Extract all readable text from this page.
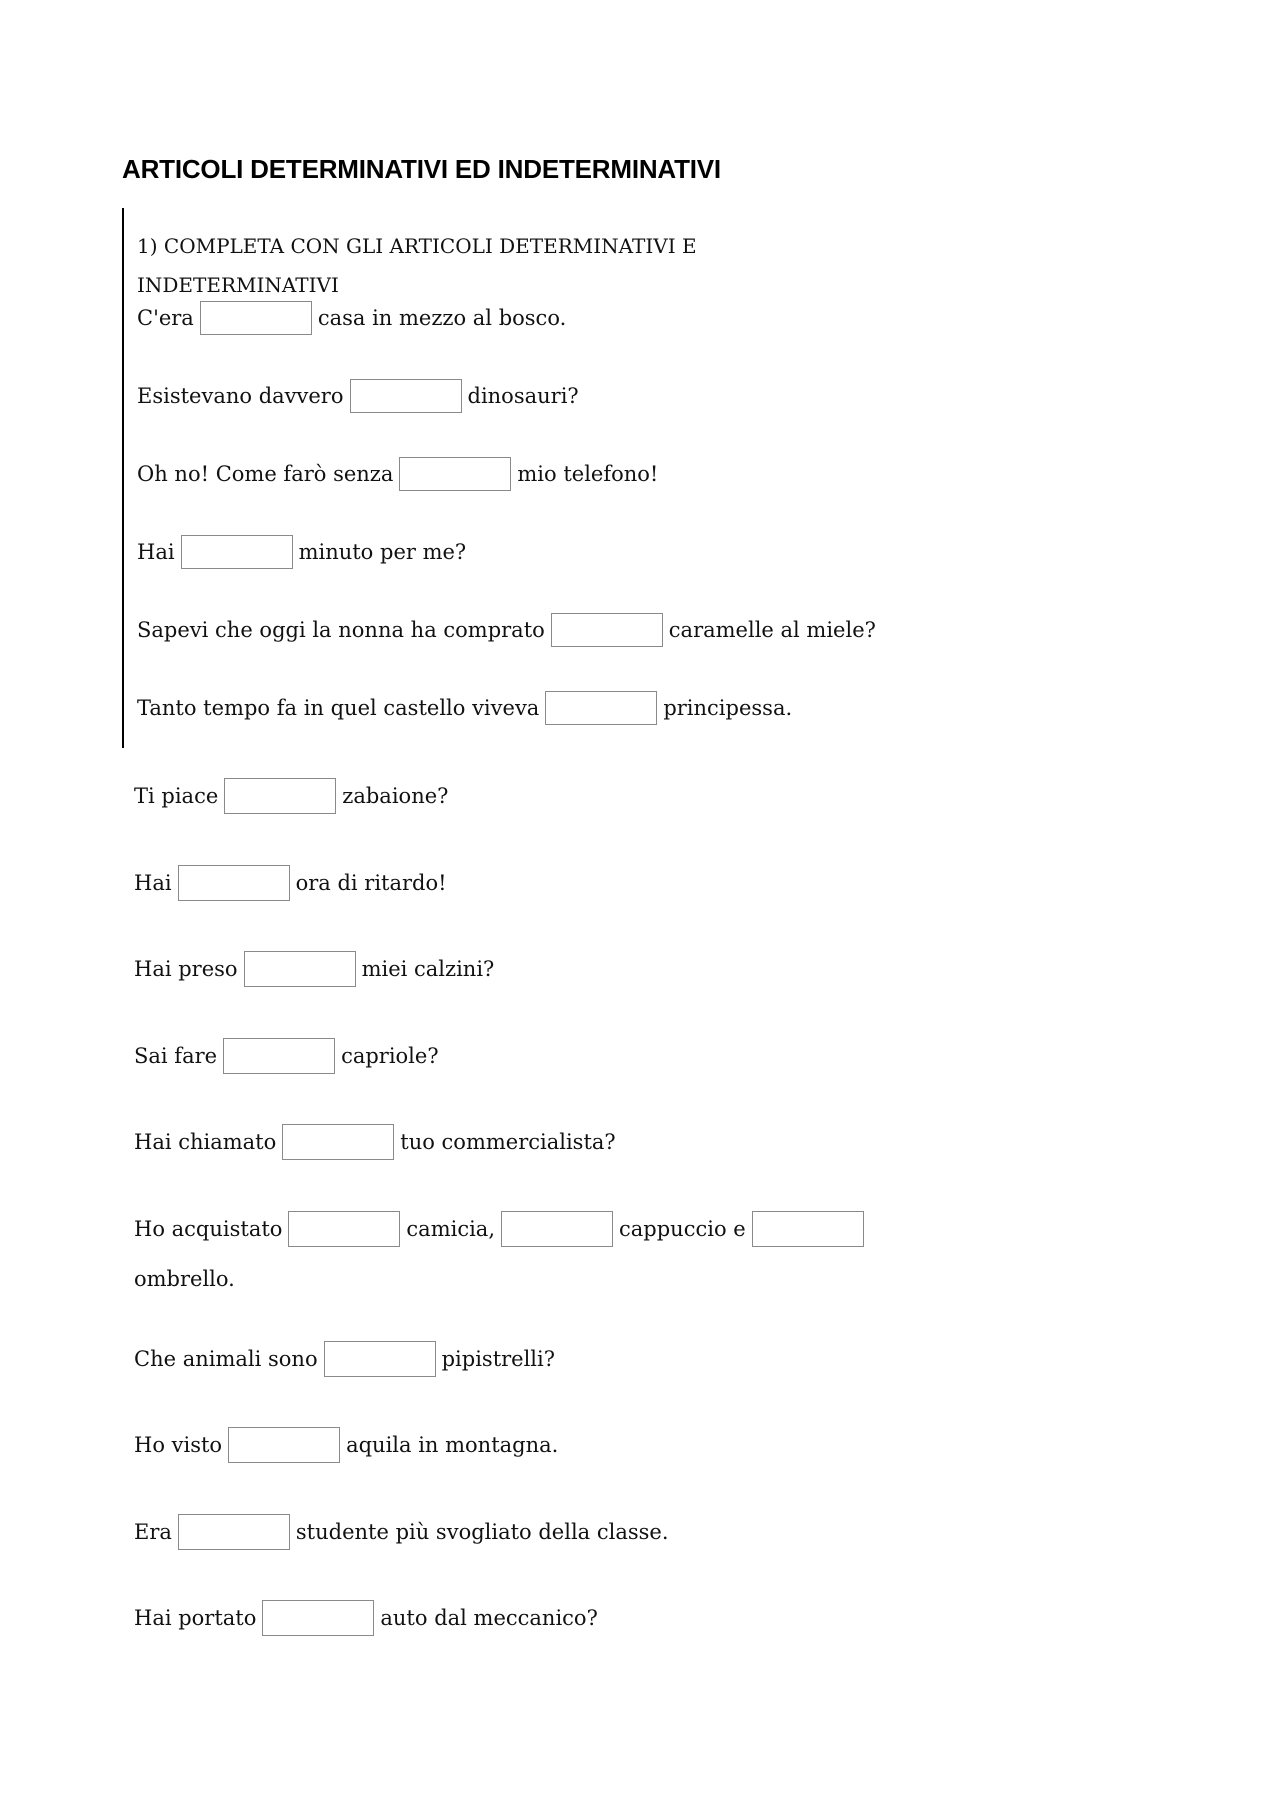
ARTICOLI DETERMINATIVI ED INDETERMINATIVI
1) COMPLETA CON GLI ARTICOLI DETERMINATIVI E INDETERMINATIVI
C'era	casa in mezzo al bosco.
Esistevano davvero	dinosauri?
Oh no! Come farò senza	mio telefono!
Hai	minuto per me?
Sapevi che oggi la nonna ha comprato	caramelle al miele?
Tanto tempo fa in quel castello viveva	principessa.
Ti piace	zabaione?
Hai	ora di ritardo!
Hai preso	miei calzini?
Sai fare	capriole?
Hai chiamato	tuo commercialista?
Ho acquistato	camicia,	cappuccio e
ombrello.
Che animali sono	pipistrelli?
Ho visto	aquila in montagna.
Era	studente più svogliato della classe.
Hai portato	auto dal meccanico?
